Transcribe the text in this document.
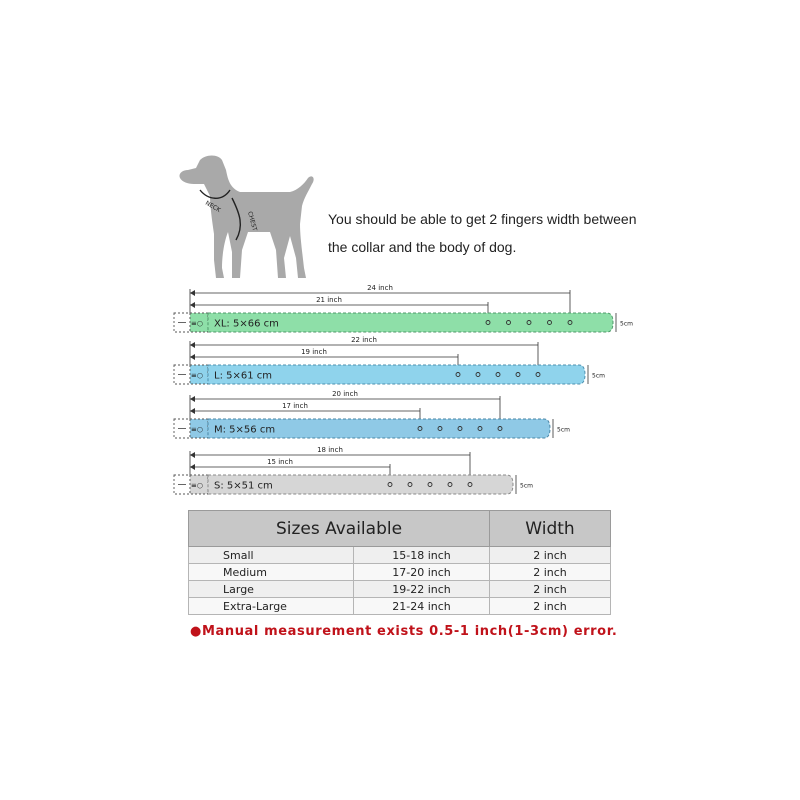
NECK
CHEST	You should be able to get 2 fingers width between
the collar and the body of dog.
24 inch
21 inch
≡○ XL: 5×66 cm	5cm
22 inch
19 inch
≡○ L: 5×61 cm	5cm
20 inch
17 inch
≡○ M: 5×56 cm	5cm
18 inch
15 inch
≡○ S: 5×51 cm	5cm
Sizes Available		Width
Small	15-18 inch	2 inch
Medium	17-20 inch	2 inch
Large	19-22 inch	2 inch
Extra-Large	21-24 inch	2 inch
●Manual measurement exists 0.5-1 inch(1-3cm) error.
